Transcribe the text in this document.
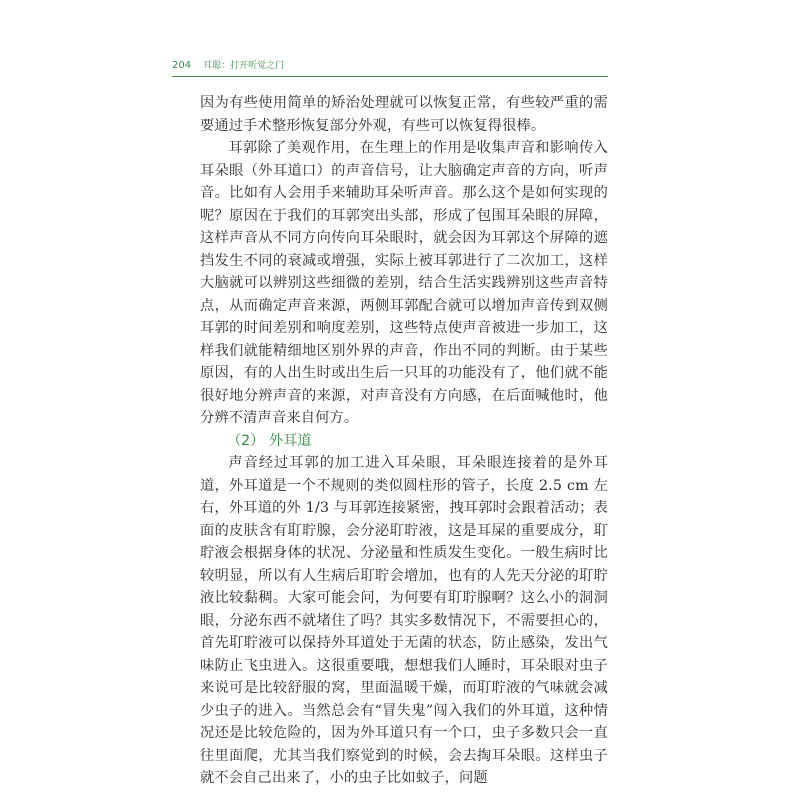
204 耳聪：打开听觉之门

因为有些使用简单的矫治处理就可以恢复正常，有些较严重的需要通过手术整形恢复部分外观，有些可以恢复得很棒。

耳郭除了美观作用，在生理上的作用是收集声音和影响传入耳朵眼（外耳道口）的声音信号，让大脑确定声音的方向，听声音。比如有人会用手来辅助耳朵听声音。那么这个是如何实现的呢？原因在于我们的耳郭突出头部，形成了包围耳朵眼的屏障，这样声音从不同方向传向耳朵眼时，就会因为耳郭这个屏障的遮挡发生不同的衰减或增强，实际上被耳郭进行了二次加工，这样大脑就可以辨别这些细微的差别，结合生活实践辨别这些声音特点，从而确定声音来源，两侧耳郭配合就可以增加声音传到双侧耳郭的时间差别和响度差别，这些特点使声音被进一步加工，这样我们就能精细地区别外界的声音，作出不同的判断。由于某些原因，有的人出生时或出生后一只耳的功能没有了，他们就不能很好地分辨声音的来源，对声音没有方向感，在后面喊他时，他分辨不清声音来自何方。

（2） 外耳道

声音经过耳郭的加工进入耳朵眼，耳朵眼连接着的是外耳道，外耳道是一个不规则的类似圆柱形的管子，长度 2.5 cm 左右，外耳道的外 1/3 与耳郭连接紧密，拽耳郭时会跟着活动；表面的皮肤含有耵聍腺，会分泌耵聍液，这是耳屎的重要成分，耵聍液会根据身体的状况、分泌量和性质发生变化。一般生病时比较明显，所以有人生病后耵聍会增加，也有的人先天分泌的耵聍液比较黏稠。大家可能会问，为何要有耵聍腺啊？这么小的洞洞眼，分泌东西不就堵住了吗？其实多数情况下，不需要担心的，首先耵聍液可以保持外耳道处于无菌的状态，防止感染，发出气味防止飞虫进入。这很重要哦，想想我们人睡时，耳朵眼对虫子来说可是比较舒服的窝，里面温暖干燥，而耵聍液的气味就会减少虫子的进入。当然总会有“冒失鬼”闯入我们的外耳道，这种情况还是比较危险的，因为外耳道只有一个口，虫子多数只会一直往里面爬，尤其当我们察觉到的时候，会去掏耳朵眼。这样虫子就不会自己出来了，小的虫子比如蚊子，问题
